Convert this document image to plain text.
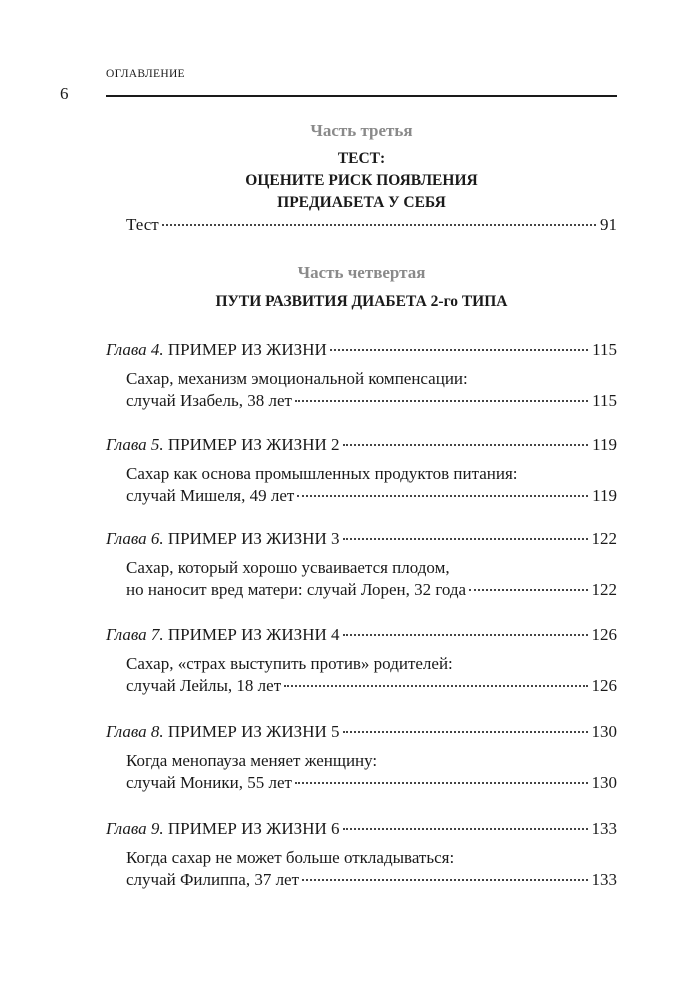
ОГЛАВЛЕНИЕ
6
Часть третья
ТЕСТ:
ОЦЕНИТЕ РИСК ПОЯВЛЕНИЯ
ПРЕДИАБЕТА У СЕБЯ
Тест	91
Часть четвертая
ПУТИ РАЗВИТИЯ ДИАБЕТА 2-го ТИПА
Глава 4. ПРИМЕР ИЗ ЖИЗНИ	115
Сахар, механизм эмоциональной компенсации:
случай Изабель, 38 лет	115
Глава 5. ПРИМЕР ИЗ ЖИЗНИ 2	119
Сахар как основа промышленных продуктов питания:
случай Мишеля, 49 лет	119
Глава 6. ПРИМЕР ИЗ ЖИЗНИ 3	122
Сахар, который хорошо усваивается плодом,
но наносит вред матери: случай Лорен, 32 года	122
Глава 7. ПРИМЕР ИЗ ЖИЗНИ 4	126
Сахар, «страх выступить против» родителей:
случай Лейлы, 18 лет	126
Глава 8. ПРИМЕР ИЗ ЖИЗНИ 5	130
Когда менопауза меняет женщину:
случай Моники, 55 лет	130
Глава 9. ПРИМЕР ИЗ ЖИЗНИ 6	133
Когда сахар не может больше откладываться:
случай Филиппа, 37 лет	133
